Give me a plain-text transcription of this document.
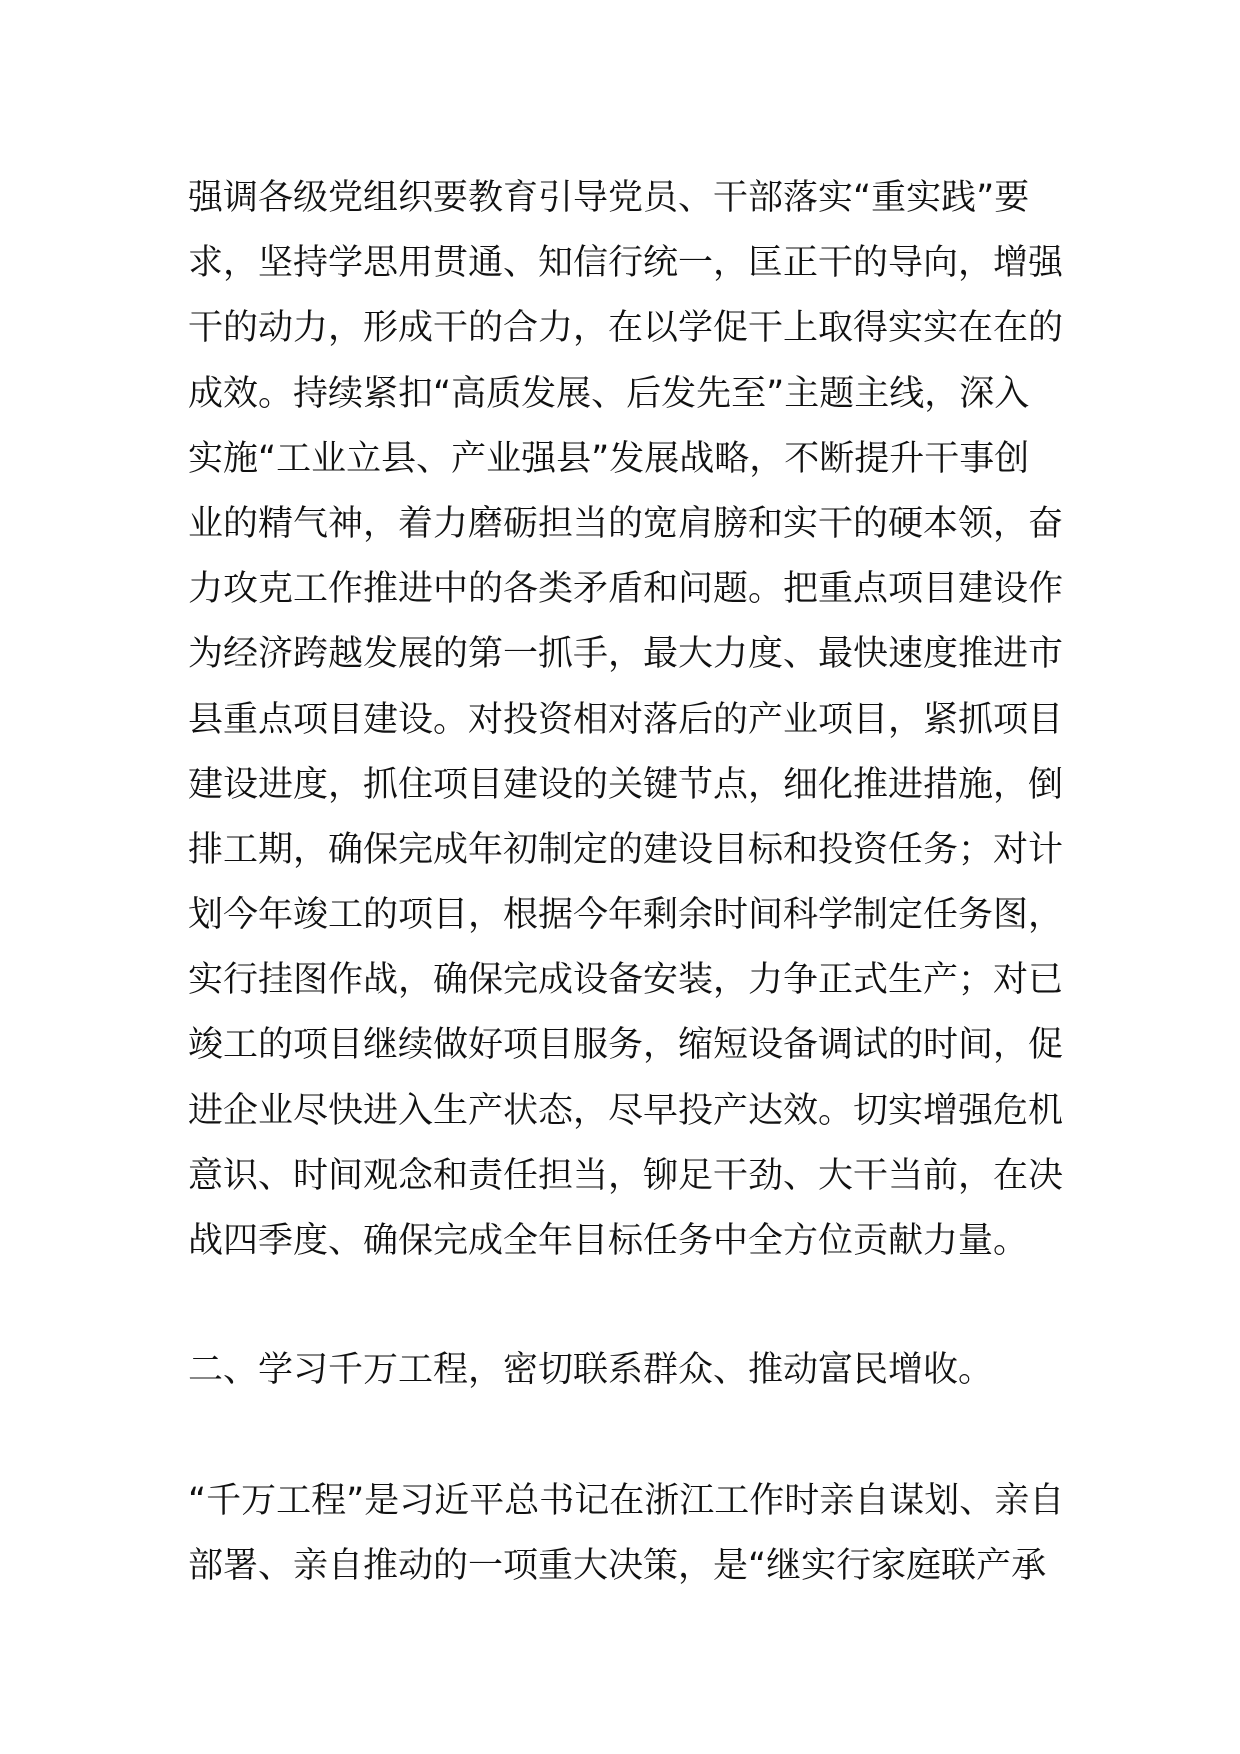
强调各级党组织要教育引导党员、干部落实“重实践”要
求，坚持学思用贯通、知信行统一，匡正干的导向，增强
干的动力，形成干的合力，在以学促干上取得实实在在的
成效。持续紧扣“高质发展、后发先至”主题主线，深入
实施“工业立县、产业强县”发展战略，不断提升干事创
业的精气神，着力磨砺担当的宽肩膀和实干的硬本领，奋
力攻克工作推进中的各类矛盾和问题。把重点项目建设作
为经济跨越发展的第一抓手，最大力度、最快速度推进市
县重点项目建设。对投资相对落后的产业项目，紧抓项目
建设进度，抓住项目建设的关键节点，细化推进措施，倒
排工期，确保完成年初制定的建设目标和投资任务；对计
划今年竣工的项目，根据今年剩余时间科学制定任务图，
实行挂图作战，确保完成设备安装，力争正式生产；对已
竣工的项目继续做好项目服务，缩短设备调试的时间，促
进企业尽快进入生产状态，尽早投产达效。切实增强危机
意识、时间观念和责任担当，铆足干劲、大干当前，在决
战四季度、确保完成全年目标任务中全方位贡献力量。
二、学习千万工程，密切联系群众、推动富民增收。
“千万工程”是习近平总书记在浙江工作时亲自谋划、亲自
部署、亲自推动的一项重大决策，是“继实行家庭联产承
